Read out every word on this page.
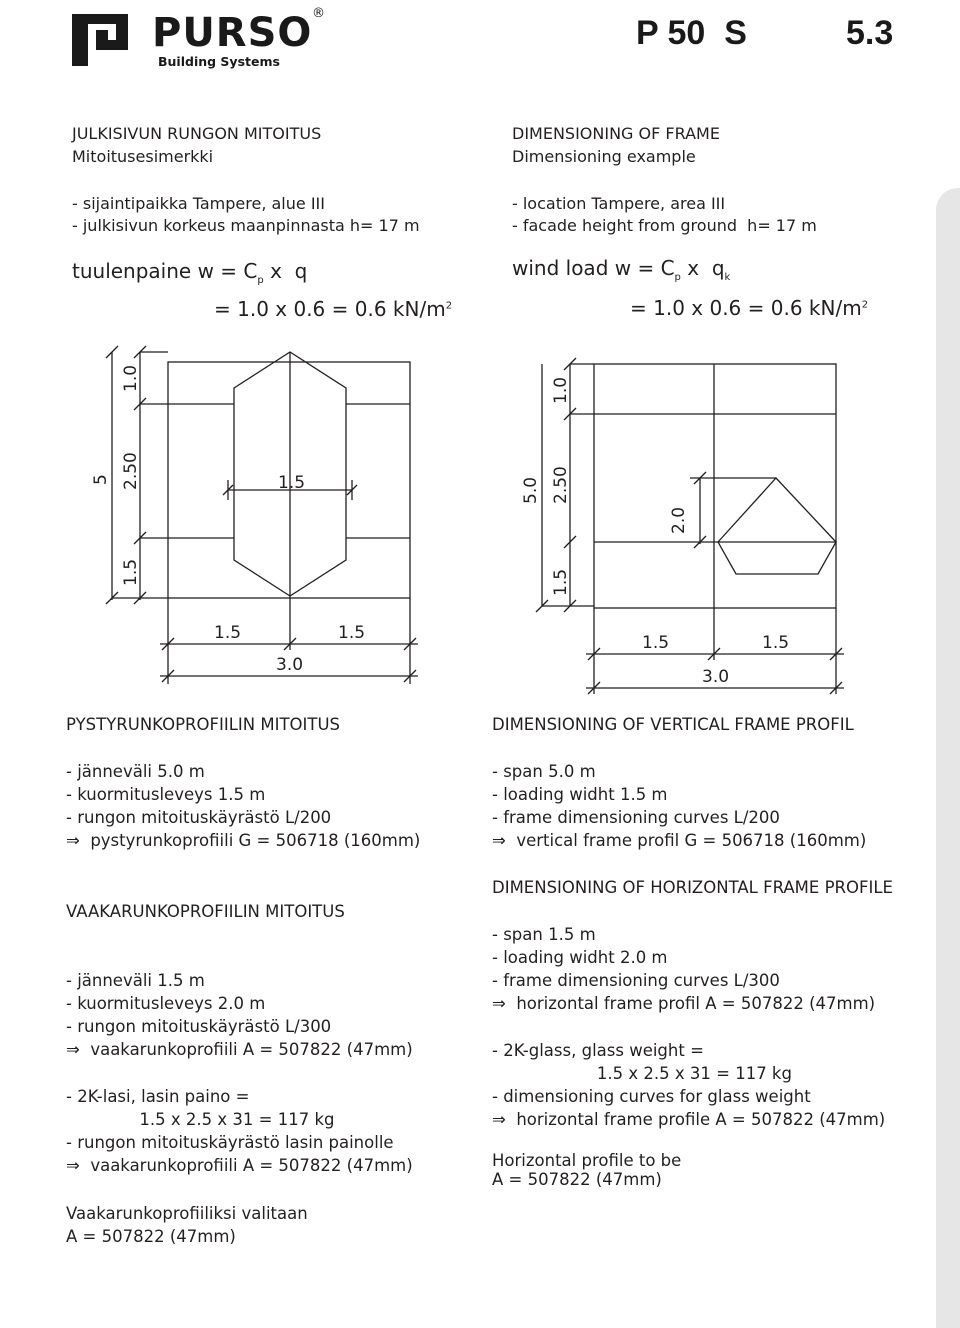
PURSO
Building Systems
®
P 50  S	5.3
JULKISIVUN RUNGON MITOITUS
Mitoitusesimerkki
- sijaintipaikka Tampere, alue III
- julkisivun korkeus maanpinnasta h= 17 m
tuulenpaine $w = C_p$ x  q
= 1.0 x 0.6 = 0.6 $kN/m^2$
DIMENSIONING OF FRAME
Dimensioning example
- location Tampere, area III
- facade height from ground  h= 17 m
wind load $w = C_p$ x  $q_k$
= 1.0 x 0.6 = 0.6 $kN/m^2$
1.0
5 2.50
1.5
1.5
1.5	1.5
3.0
5.0
1.0
2.50
1.5
2.0
1.5	1.5
3.0
PYSTYRUNKOPROFIILIN MITOITUS
- jänneväli 5.0 m
- kuormitusleveys 1.5 m
- rungon mitoituskäyrästö L/200
⇒  pystyrunkoprofiili G = 506718 (160mm)
VAAKARUNKOPROFIILIN MITOITUS
- jänneväli 1.5 m
- kuormitusleveys 2.0 m
- rungon mitoituskäyrästö L/300
⇒  vaakarunkoprofiili A = 507822 (47mm)
- 2K-lasi, lasin paino =
1.5 x 2.5 x 31 = 117 kg
- rungon mitoituskäyrästö lasin painolle
⇒  vaakarunkoprofiili A = 507822 (47mm)
Vaakarunkoprofiiliksi valitaan
A = 507822 (47mm)
DIMENSIONING OF VERTICAL FRAME PROFIL
- span 5.0 m
- loading widht 1.5 m
- frame dimensioning curves L/200
⇒  vertical frame profil G = 506718 (160mm)
DIMENSIONING OF HORIZONTAL FRAME PROFILE
- span 1.5 m
- loading widht 2.0 m
- frame dimensioning curves L/300
⇒  horizontal frame profil A = 507822 (47mm)
- 2K-glass, glass weight =
1.5 x 2.5 x 31 = 117 kg
- dimensioning curves for glass weight
⇒  horizontal frame profile A = 507822 (47mm)
Horizontal profile to be
A = 507822 (47mm)
